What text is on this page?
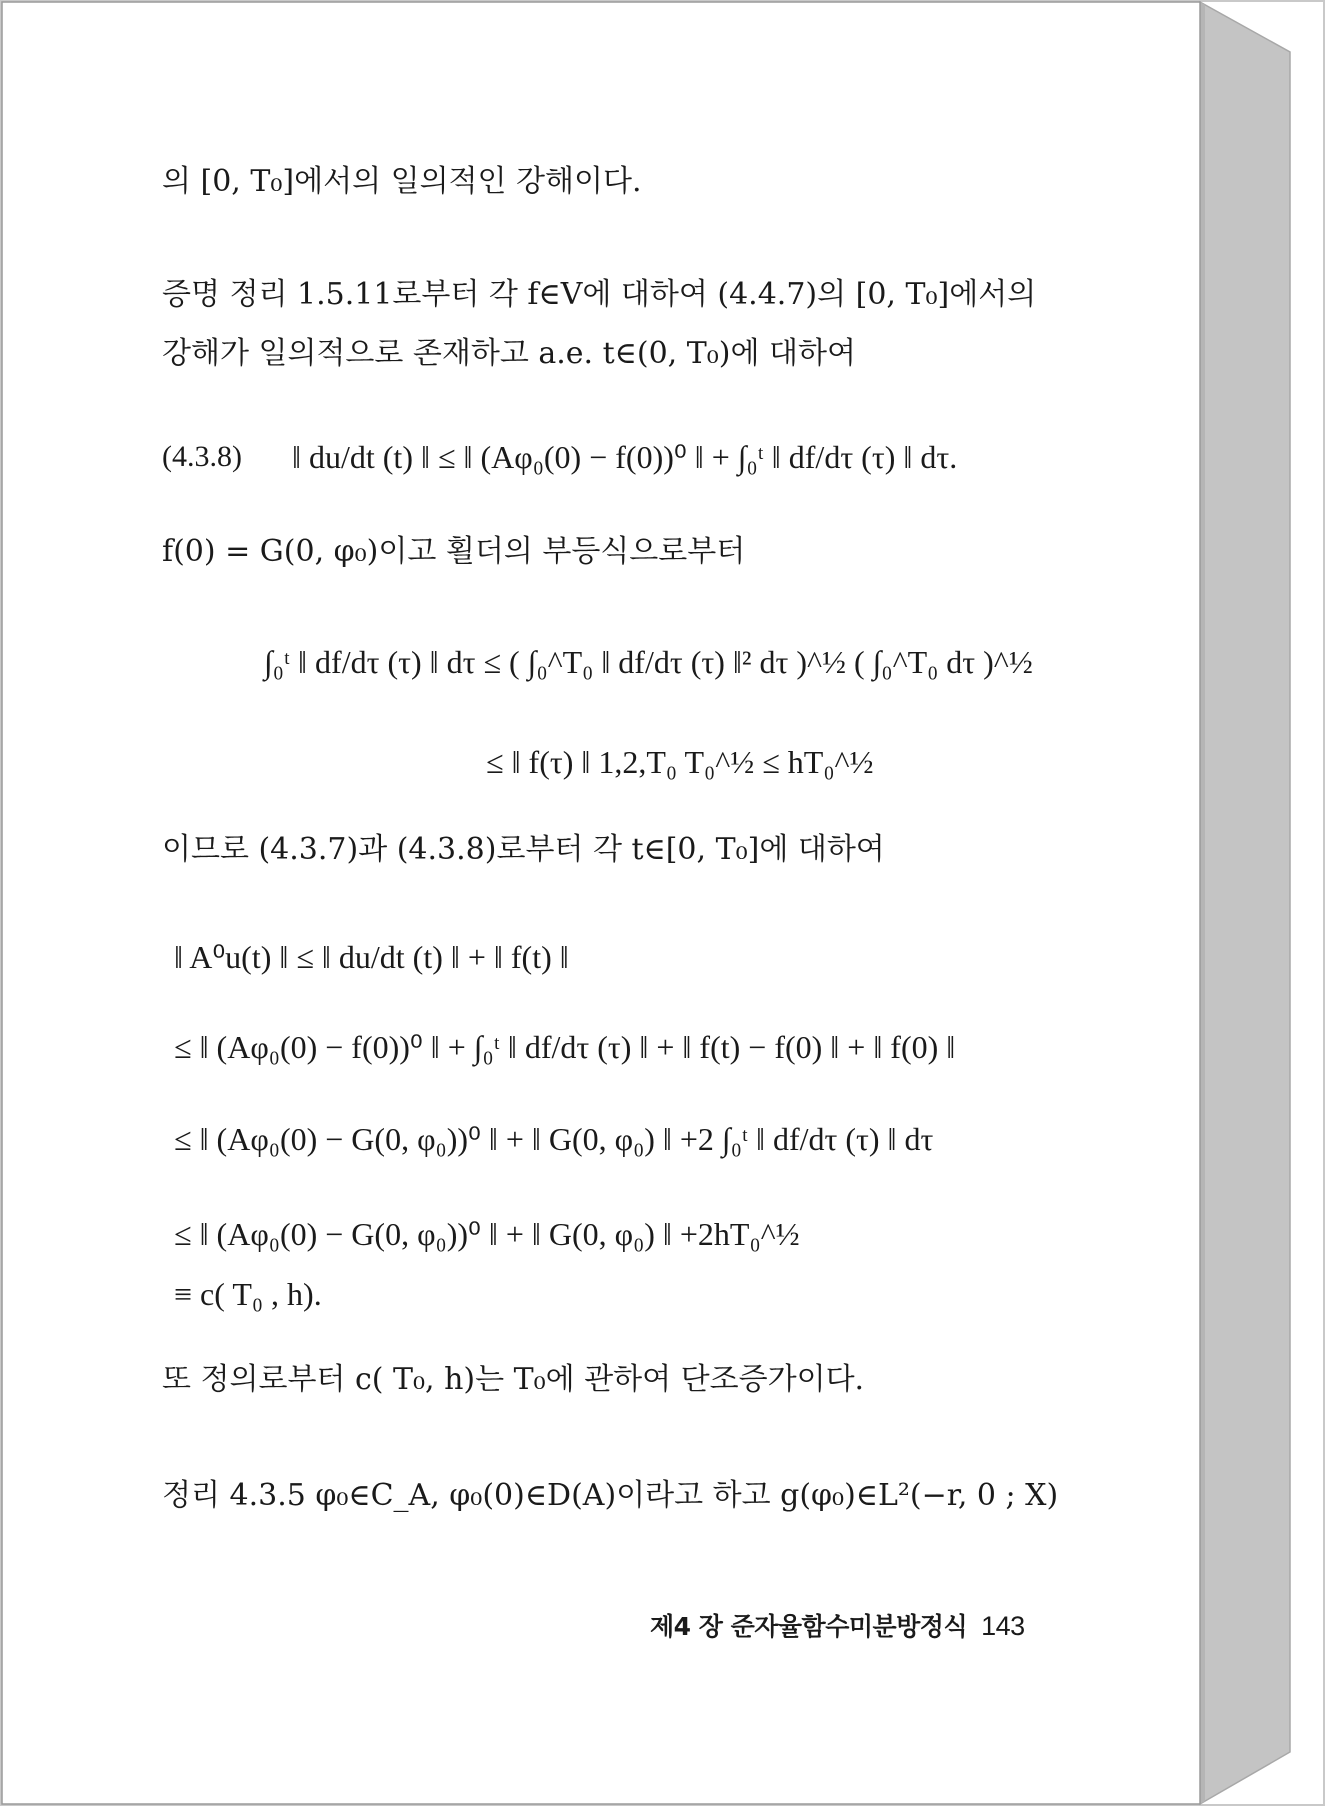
의 [0, T₀]에서의 일의적인 강해이다.
증명 정리 1.5.11로부터 각 f∈V에 대하여 (4.4.7)의 [0, T₀]에서의
강해가 일의적으로 존재하고 a.e. t∈(0, T₀)에 대하여
(4.3.8) ‖ du/dt (t) ‖ ≤ ‖ (Aφ₀(0) − f(0))⁰ ‖ + ∫₀ᵗ ‖ df/dτ (τ) ‖ dτ.
f(0) = G(0, φ₀)이고 횔더의 부등식으로부터
∫₀ᵗ ‖ df/dτ (τ) ‖ dτ ≤ ( ∫₀^T₀ ‖ df/dτ (τ) ‖² dτ )^½ ( ∫₀^T₀ dτ )^½
≤ ‖ f(τ) ‖ 1,2,T₀ T₀^½ ≤ hT₀^½
이므로 (4.3.7)과 (4.3.8)로부터 각 t∈[0, T₀]에 대하여
‖ A⁰u(t) ‖ ≤ ‖ du/dt (t) ‖ + ‖ f(t) ‖
≤ ‖ (Aφ₀(0) − f(0))⁰ ‖ + ∫₀ᵗ ‖ df/dτ (τ) ‖ + ‖ f(t) − f(0) ‖ + ‖ f(0) ‖
≤ ‖ (Aφ₀(0) − G(0, φ₀))⁰ ‖ + ‖ G(0, φ₀) ‖ +2 ∫₀ᵗ ‖ df/dτ (τ) ‖ dτ
≤ ‖ (Aφ₀(0) − G(0, φ₀))⁰ ‖ + ‖ G(0, φ₀) ‖ +2hT₀^½
≡ c( T₀ , h).
또 정의로부터 c( T₀, h)는 T₀에 관하여 단조증가이다.
정리 4.3.5 φ₀∈C_A, φ₀(0)∈D(A)이라고 하고 g(φ₀)∈L²(−r, 0 ; X)
제4 장 준자율함수미분방정식 143
